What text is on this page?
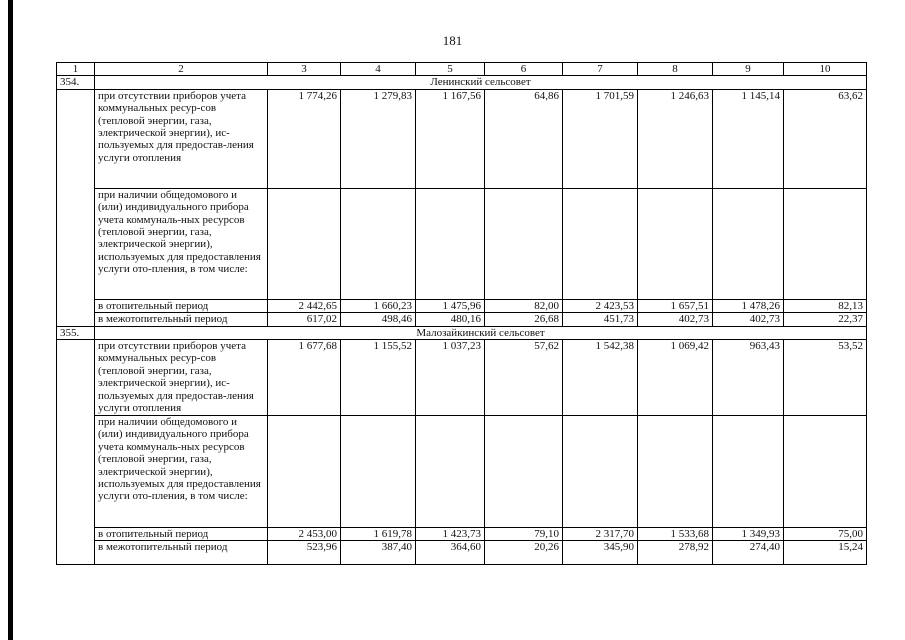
181
1	2	3	4	5	6	7	8	9	10
354.	Ленинский сельсовет								
	при отсутствии приборов учета коммунальных ресур-сов (тепловой энергии, газа, электрической энергии), ис-пользуемых для предостав-ления услуги отопления	1 774,26	1 279,83	1 167,56	64,86	1 701,59	1 246,63	1 145,14	63,62
	при наличии общедомового и (или) индивидуального прибора учета коммуналь-ных ресурсов (тепловой энергии, газа, электрической энергии), используемых для предоставления услуги ото-пления, в том числе:								
	в отопительный период	2 442,65	1 660,23	1 475,96	82,00	2 423,53	1 657,51	1 478,26	82,13
	в межотопительный период	617,02	498,46	480,16	26,68	451,73	402,73	402,73	22,37
355.	Малозайкинский сельсовет								
	при отсутствии приборов учета коммунальных ресур-сов (тепловой энергии, газа, электрической энергии), ис-пользуемых для предостав-ления услуги отопления	1 677,68	1 155,52	1 037,23	57,62	1 542,38	1 069,42	963,43	53,52
	при наличии общедомового и (или) индивидуального прибора учета коммуналь-ных ресурсов (тепловой энергии, газа, электрической энергии), используемых для предоставления услуги ото-пления, в том числе:								
	в отопительный период	2 453,00	1 619,78	1 423,73	79,10	2 317,70	1 533,68	1 349,93	75,00
	в межотопительный период	523,96	387,40	364,60	20,26	345,90	278,92	274,40	15,24
